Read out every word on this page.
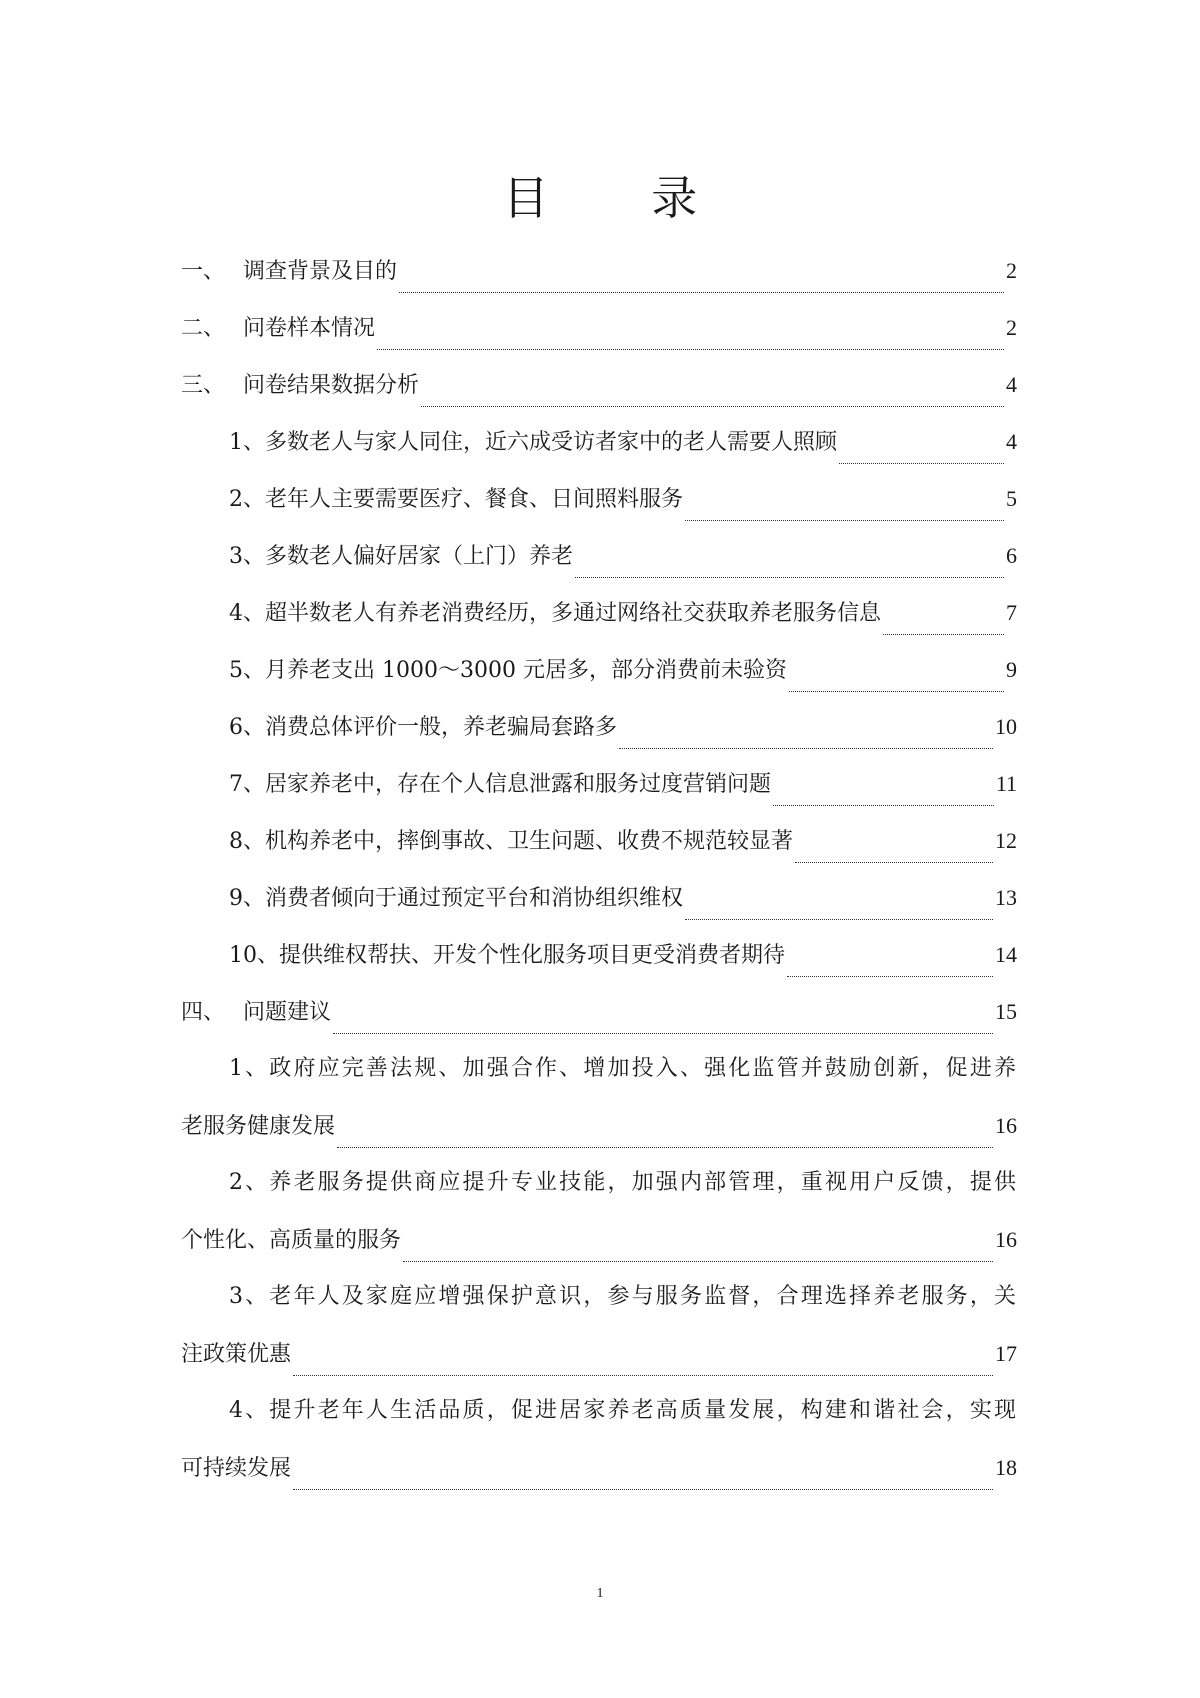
目 录
一、 调查背景及目的	2
二、 问卷样本情况	2
三、 问卷结果数据分析	4
1、多数老人与家人同住，近六成受访者家中的老人需要人照顾	4
2、老年人主要需要医疗、餐食、日间照料服务	5
3、多数老人偏好居家（上门）养老	6
4、超半数老人有养老消费经历，多通过网络社交获取养老服务信息	7
5、月养老支出 1000～3000 元居多，部分消费前未验资	9
6、消费总体评价一般，养老骗局套路多	10
7、居家养老中，存在个人信息泄露和服务过度营销问题	11
8、机构养老中，摔倒事故、卫生问题、收费不规范较显著	12
9、消费者倾向于通过预定平台和消协组织维权	13
10、提供维权帮扶、开发个性化服务项目更受消费者期待	14
四、 问题建议	15
1、政府应完善法规、加强合作、增加投入、强化监管并鼓励创新，促进养
老服务健康发展	16
2、养老服务提供商应提升专业技能，加强内部管理，重视用户反馈，提供
个性化、高质量的服务	16
3、老年人及家庭应增强保护意识，参与服务监督，合理选择养老服务，关
注政策优惠	17
4、提升老年人生活品质，促进居家养老高质量发展，构建和谐社会，实现
可持续发展	18
1
